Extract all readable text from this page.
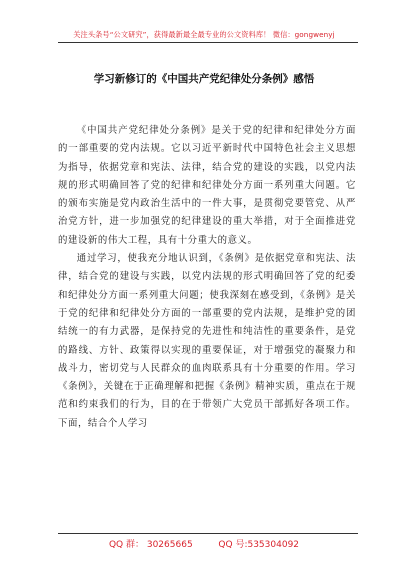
关注头条号“公文研究”，获得最新最全最专业的公文资料库！ 微信：gongwenyj
学习新修订的《中国共产党纪律处分条例》感悟

《中国共产党纪律处分条例》是关于党的纪律和纪律处分方面的一部重要的党内法规。它以习近平新时代中国特色社会主义思想为指导，依据党章和宪法、法律，结合党的建设的实践，以党内法规的形式明确回答了党的纪律和纪律处分方面一系列重大问题。它的颁布实施是党内政治生活中的一件大事，是贯彻党要管党、从严治党方针，进一步加强党的纪律建设的重大举措，对于全面推进党的建设新的伟大工程，具有十分重大的意义。

通过学习，使我充分地认识到，《条例》是依据党章和宪法、法律，结合党的建设与实践，以党内法规的形式明确回答了党的纪委和纪律处分方面一系列重大问题；使我深刻在感受到，《条例》是关于党的纪律和纪律处分方面的一部重要的党内法规，是维护党的团结统一的有力武器，是保持党的先进性和纯洁性的重要条件，是党的路线、方针、政策得以实现的重要保证，对于增强党的凝聚力和战斗力，密切党与人民群众的血肉联系具有十分重要的作用。学习《条例》，关键在于正确理解和把握《条例》精神实质，重点在于规范和约束我们的行为，目的在于带领广大党员干部抓好各项工作。下面，结合个人学习

QQ 群： 30265665	QQ 号:535304092
